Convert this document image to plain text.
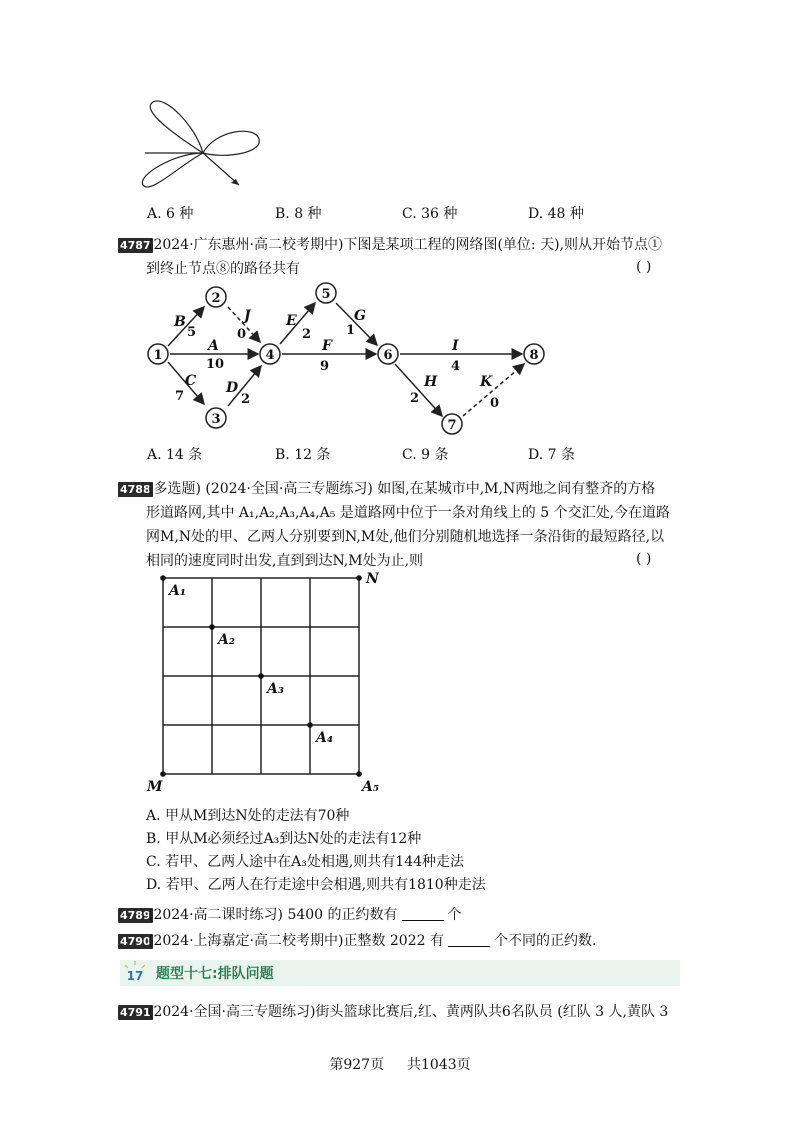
A. 6 种	B. 8 种	C. 36 种	D. 48 种
4787
(2024·广东惠州·高二校考期中)下图是某项工程的网络图(单位: 天),则从开始节点①
到终止节点⑧的路径共有	( )
1
2
3
4
5
6
7
8
B	J
A
C D
E	G
F	I
H	K
5	0
10
7	2
2	1
9	4
2	0
A. 14 条	B. 12 条	C. 9 条	D. 7 条
4788
(多选题) (2024·全国·高三专题练习) 如图,在某城市中,M,N两地之间有整齐的方格
形道路网,其中 A₁,A₂,A₃,A₄,A₅ 是道路网中位于一条对角线上的 5 个交汇处,今在道路
网M,N处的甲、乙两人分别要到N,M处,他们分别随机地选择一条沿街的最短路径,以
相同的速度同时出发,直到到达N,M处为止,则	( )
N
M
A₁
A₂
A₃
A₄
A₅
A. 甲从M到达N处的走法有70种
B. 甲从M必须经过A₃到达N处的走法有12种
C. 若甲、乙两人途中在A₃处相遇,则共有144种走法
D. 若甲、乙两人在行走途中会相遇,则共有1810种走法
4789
(2024·高二课时练习) 5400 的正约数有	个
4790
(2024·上海嘉定·高二校考期中)正整数 2022 有	个不同的正约数.
17 题型十七:排队问题
4791
(2024·全国·高三专题练习)街头篮球比赛后,红、黄两队共6名队员 (红队 3 人,黄队 3
第927页 共1043页
